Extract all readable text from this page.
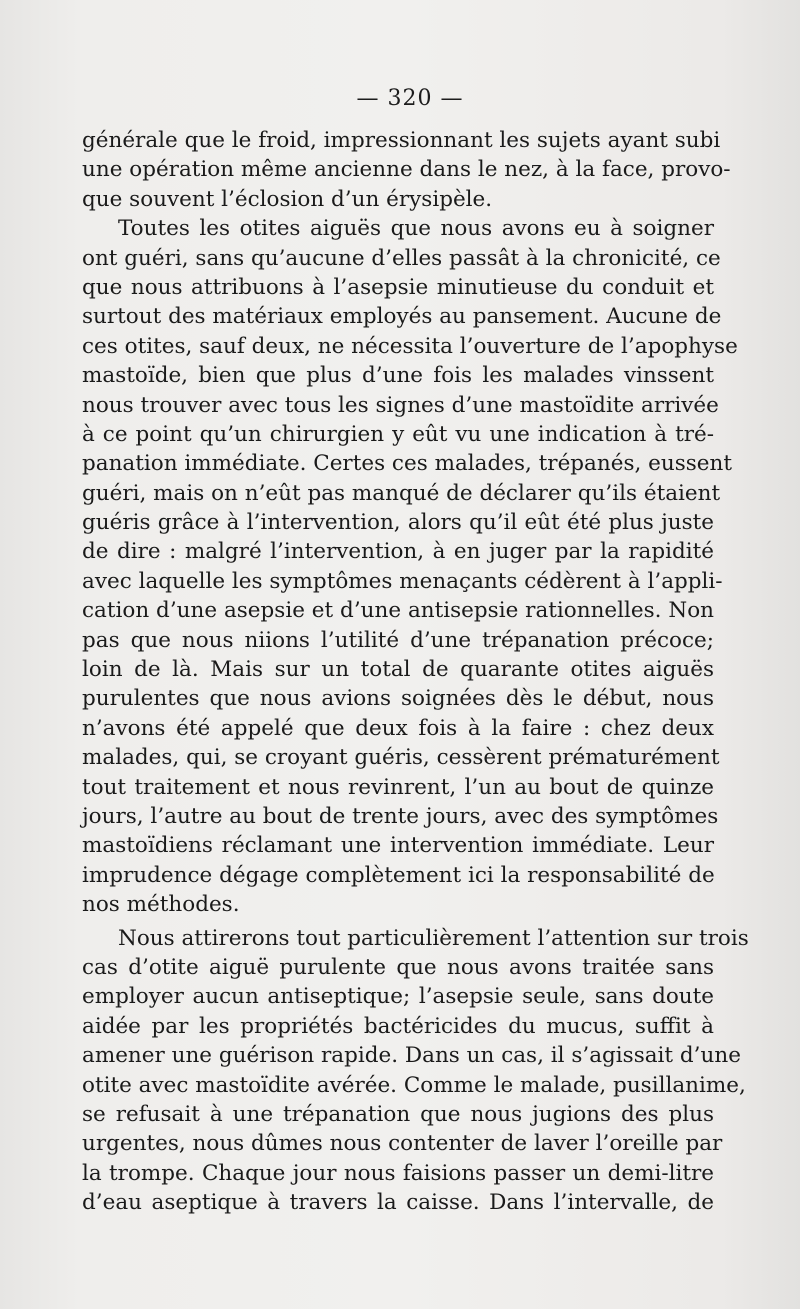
— 320 —
générale que le froid, impressionnant les sujets ayant subi
une opération même ancienne dans le nez, à la face, provo-
que souvent l’éclosion d’un érysipèle.
Toutes les otites aiguës que nous avons eu à soigner
ont guéri, sans qu’aucune d’elles passât à la chronicité, ce
que nous attribuons à l’asepsie minutieuse du conduit et
surtout des matériaux employés au pansement. Aucune de
ces otites, sauf deux, ne nécessita l’ouverture de l’apophyse
mastoïde, bien que plus d’une fois les malades vinssent
nous trouver avec tous les signes d’une mastoïdite arrivée
à ce point qu’un chirurgien y eût vu une indication à tré-
panation immédiate. Certes ces malades, trépanés, eussent
guéri, mais on n’eût pas manqué de déclarer qu’ils étaient
guéris grâce à l’intervention, alors qu’il eût été plus juste
de dire : malgré l’intervention, à en juger par la rapidité
avec laquelle les symptômes menaçants cédèrent à l’appli-
cation d’une asepsie et d’une antisepsie rationnelles. Non
pas que nous niions l’utilité d’une trépanation précoce;
loin de là. Mais sur un total de quarante otites aiguës
purulentes que nous avions soignées dès le début, nous
n’avons été appelé que deux fois à la faire : chez deux
malades, qui, se croyant guéris, cessèrent prématurément
tout traitement et nous revinrent, l’un au bout de quinze
jours, l’autre au bout de trente jours, avec des symptômes
mastoïdiens réclamant une intervention immédiate. Leur
imprudence dégage complètement ici la responsabilité de
nos méthodes.
Nous attirerons tout particulièrement l’attention sur trois
cas d’otite aiguë purulente que nous avons traitée sans
employer aucun antiseptique; l’asepsie seule, sans doute
aidée par les propriétés bactéricides du mucus, suffit à
amener une guérison rapide. Dans un cas, il s’agissait d’une
otite avec mastoïdite avérée. Comme le malade, pusillanime,
se refusait à une trépanation que nous jugions des plus
urgentes, nous dûmes nous contenter de laver l’oreille par
la trompe. Chaque jour nous faisions passer un demi-litre
d’eau aseptique à travers la caisse. Dans l’intervalle, de
